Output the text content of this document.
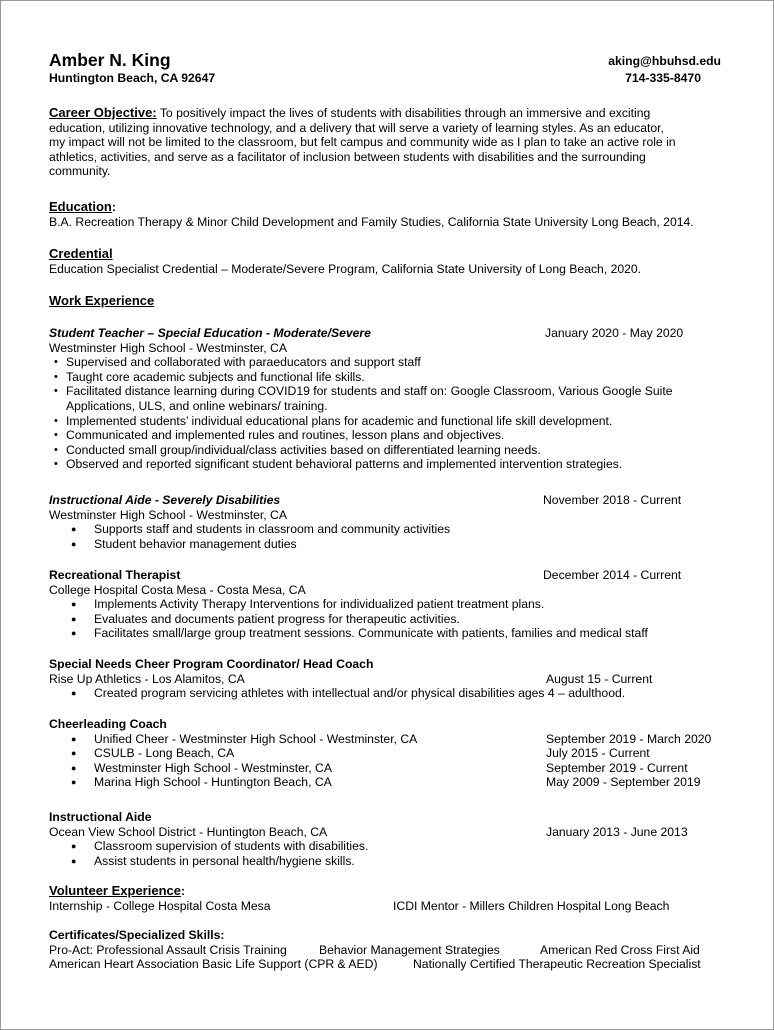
Amber N. King	aking@hbuhsd.edu
Huntington Beach, CA 92647	714-335-8470
Career Objective: To positively impact the lives of students with disabilities through an immersive and exciting education, utilizing innovative technology, and a delivery that will serve a variety of learning styles. As an educator, my impact will not be limited to the classroom, but felt campus and community wide as I plan to take an active role in athletics, activities, and serve as a facilitator of inclusion between students with disabilities and the surrounding community.
Education:
B.A. Recreation Therapy & Minor Child Development and Family Studies, California State University Long Beach, 2014.
Credential
Education Specialist Credential – Moderate/Severe Program, California State University of Long Beach, 2020.
Work Experience
Student Teacher – Special Education - Moderate/Severe	January 2020 - May 2020
Westminster High School - Westminster, CA
• Supervised and collaborated with paraeducators and support staff
• Taught core academic subjects and functional life skills.
• Facilitated distance learning during COVID19 for students and staff on: Google Classroom, Various Google Suite Applications, ULS, and online webinars/ training.
• Implemented students’ individual educational plans for academic and functional life skill development.
• Communicated and implemented rules and routines, lesson plans and objectives.
• Conducted small group/individual/class activities based on differentiated learning needs.
• Observed and reported significant student behavioral patterns and implemented intervention strategies.
Instructional Aide - Severely Disabilities	November 2018 - Current
Westminster High School - Westminster, CA
● Supports staff and students in classroom and community activities
● Student behavior management duties
Recreational Therapist	December 2014 - Current
College Hospital Costa Mesa - Costa Mesa, CA
● Implements Activity Therapy Interventions for individualized patient treatment plans.
● Evaluates and documents patient progress for therapeutic activities.
● Facilitates small/large group treatment sessions. Communicate with patients, families and medical staff
Special Needs Cheer Program Coordinator/ Head Coach
Rise Up Athletics - Los Alamitos, CA	August 15 - Current
● Created program servicing athletes with intellectual and/or physical disabilities ages 4 – adulthood.
Cheerleading Coach
● Unified Cheer - Westminster High School - Westminster, CA	September 2019 - March 2020
● CSULB - Long Beach, CA	July 2015 - Current
● Westminster High School - Westminster, CA	September 2019 - Current
● Marina High School - Huntington Beach, CA	May 2009 - September 2019
Instructional Aide
Ocean View School District - Huntington Beach, CA	January 2013 - June 2013
● Classroom supervision of students with disabilities.
● Assist students in personal health/hygiene skills.
Volunteer Experience:
Internship - College Hospital Costa Mesa	ICDI Mentor - Millers Children Hospital Long Beach
Certificates/Specialized Skills:
Pro-Act: Professional Assault Crisis Training	Behavior Management Strategies	American Red Cross First Aid
American Heart Association Basic Life Support (CPR & AED)	Nationally Certified Therapeutic Recreation Specialist
